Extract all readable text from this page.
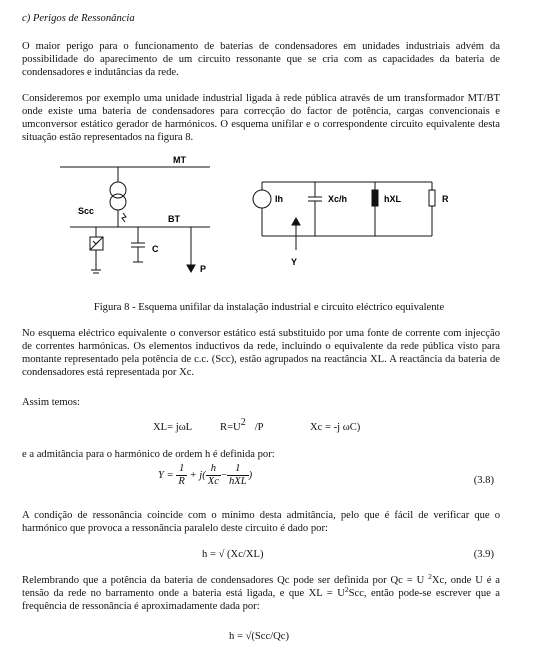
c) Perigos de Ressonância
O maior perigo para o funcionamento de baterias de condensadores em unidades industriais advém da possibilidade do aparecimento de um circuito ressonante que se cria com as capacidades da bateria de condensadores e indutâncias da rede.
Consideremos por exemplo uma unidade industrial ligada à rede pública através de um transformador MT/BT onde existe uma bateria de condensadores para correcção do factor de potência, cargas convencionais e umconversor estático gerador de harmónicos. O esquema unifilar e o correspondente circuito equivalente desta situação estão representados na figura 8.
MT
Scc
BT
C
P
Ih	Xc/h	hXL	R
Y
Figura 8 - Esquema unifilar da instalação industrial e circuito eléctrico equivalente
No esquema eléctrico equivalente o conversor estático está substituido por uma fonte de corrente com injecção de correntes harmónicas. Os elementos inductivos da rede, incluindo o equivalente da rede pública visto para montante representado pela potência de c.c. (Scc), estão agrupados na reactância XL. A reactância da bateria de condensadores está representada por Xc.
Assim temos:
XL= jωL	$R=U^2$ /P	Xc = -j ωC)
e a admitância para o harmónico de ordem h é definida por:
$Y = \frac{1}{R} + j( \frac{h}{Xc} - \frac{1}{\text{hXL}}$ )	(3.8)
A condição de ressonância coincide com o mínimo desta admitância, pelo que é fácil de verificar que o harmónico que provoca a ressonância paralelo deste circuito é dado por:
h = √ (Xc/XL)	(3.9)
Relembrando que a potência da bateria de condensadores Qc pode ser definida por Qc = U $^2$Xc, onde U é a tensão da rede no barramento onde a bateria está ligada, e que XL = $U^2Scc$, então pode-se escrever que a frequência de ressonância é aproximadamente dada por:
h = √(Scc/Qc)
